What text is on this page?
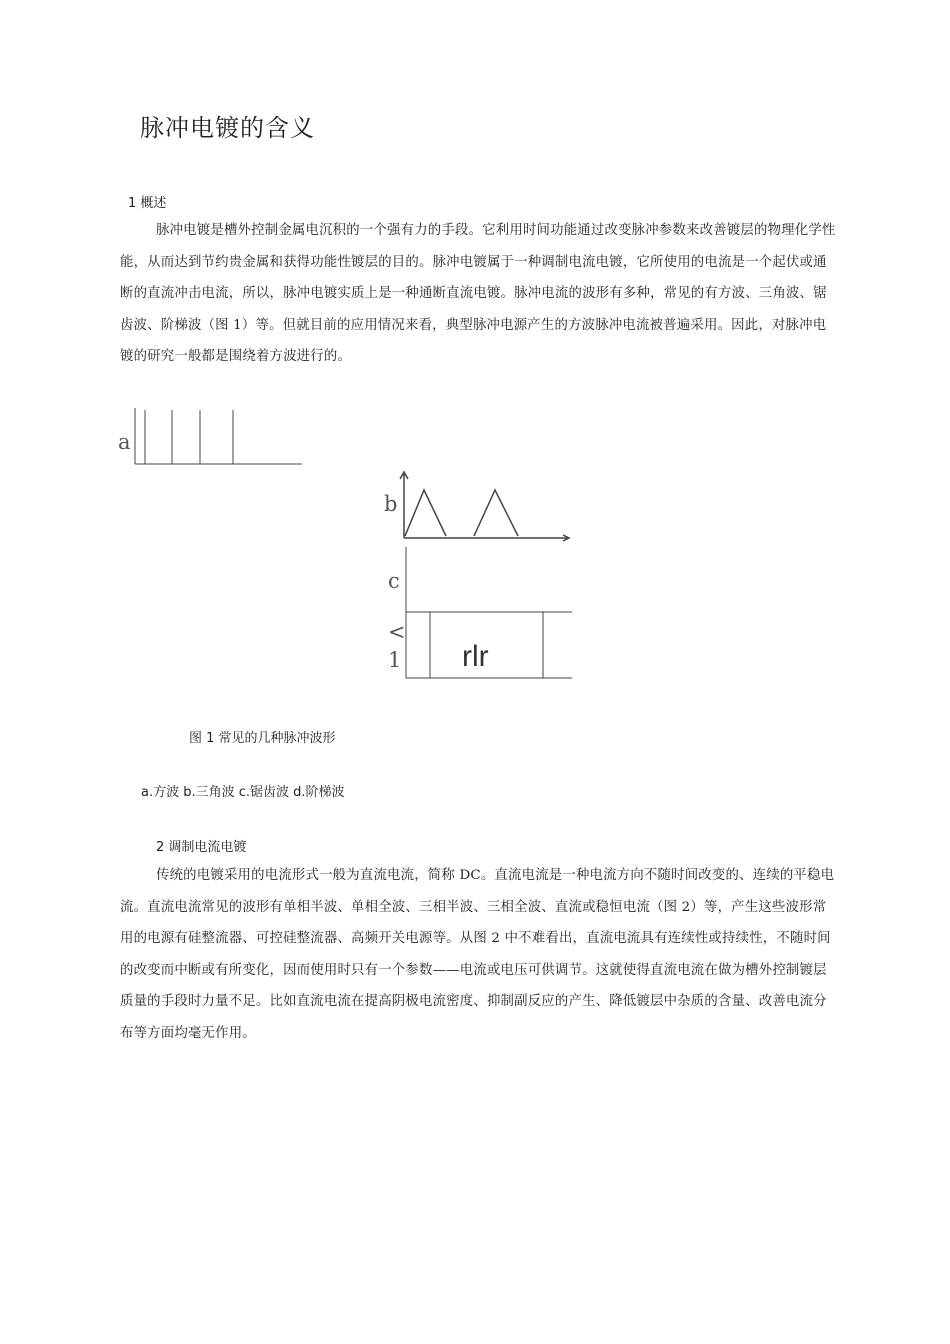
脉冲电镀的含义
1 概述

脉冲电镀是槽外控制金属电沉积的一个强有力的手段。它利用时间功能通过改变脉冲参数来改善镀层的物理化学性能，从而达到节约贵金属和获得功能性镀层的目的。脉冲电镀属于一种调制电流电镀，它所使用的电流是一个起伏或通断的直流冲击电流，所以，脉冲电镀实质上是一种通断直流电镀。脉冲电流的波形有多种，常见的有方波、三角波、锯齿波、阶梯波（图 1）等。但就目前的应用情况来看，典型脉冲电源产生的方波脉冲电流被普遍采用。因此，对脉冲电镀的研究一般都是围绕着方波进行的。

a
b
c
<
1 rlr

图 1 常见的几种脉冲波形

a.方波 b.三角波 c.锯齿波 d.阶梯波

2 调制电流电镀

传统的电镀采用的电流形式一般为直流电流，简称 DC。直流电流是一种电流方向不随时间改变的、连续的平稳电流。直流电流常见的波形有单相半波、单相全波、三相半波、三相全波、直流或稳恒电流（图 2）等，产生这些波形常用的电源有硅整流器、可控硅整流器、高频开关电源等。从图 2 中不难看出，直流电流具有连续性或持续性，不随时间的改变而中断或有所变化，因而使用时只有一个参数——电流或电压可供调节。这就使得直流电流在做为槽外控制镀层质量的手段时力量不足。比如直流电流在提高阴极电流密度、抑制副反应的产生、降低镀层中杂质的含量、改善电流分布等方面均毫无作用。
